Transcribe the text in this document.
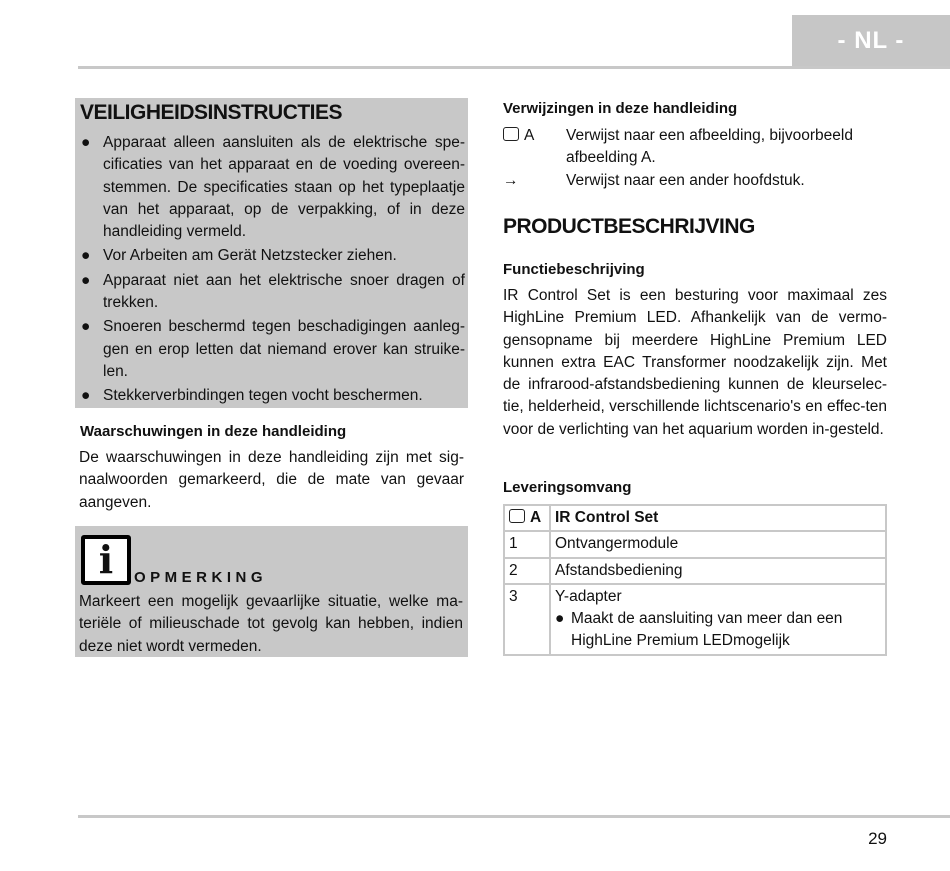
- NL -
VEILIGHEIDSINSTRUCTIES
● Apparaat alleen aansluiten als de elektrische spe-cificaties van het apparaat en de voeding overeen-stemmen. De specificaties staan op het typeplaatje van het apparaat, op de verpakking, of in deze handleiding vermeld.
● Vor Arbeiten am Gerät Netzstecker ziehen.
● Apparaat niet aan het elektrische snoer dragen of trekken.
● Snoeren beschermd tegen beschadigingen aanleg-gen en erop letten dat niemand erover kan struike-len.
● Stekkerverbindingen tegen vocht beschermen.
Waarschuwingen in deze handleiding
De waarschuwingen in deze handleiding zijn met sig-naalwoorden gemarkeerd, die de mate van gevaar aangeven.
i	OPMERKING
Markeert een mogelijk gevaarlijke situatie, welke ma-teriële of milieuschade tot gevolg kan hebben, indien deze niet wordt vermeden.
Verwijzingen in deze handleiding
A	Verwijst naar een afbeelding, bijvoorbeeld afbeelding A.
→	Verwijst naar een ander hoofdstuk.
PRODUCTBESCHRIJVING
Functiebeschrijving
IR Control Set is een besturing voor maximaal zes HighLine Premium LED. Afhankelijk van de vermo-gensopname bij meerdere HighLine Premium LED kunnen extra EAC Transformer noodzakelijk zijn. Met de infrarood-afstandsbediening kunnen de kleurselec-tie, helderheid, verschillende lichtscenario's en effec-ten voor de verlichting van het aquarium worden in-gesteld.
Leveringsomvang
A	IR Control Set
1	Ontvangermodule
2	Afstandsbediening
3	Y-adapter
● Maakt de aansluiting van meer dan een HighLine Premium LEDmogelijk
29
